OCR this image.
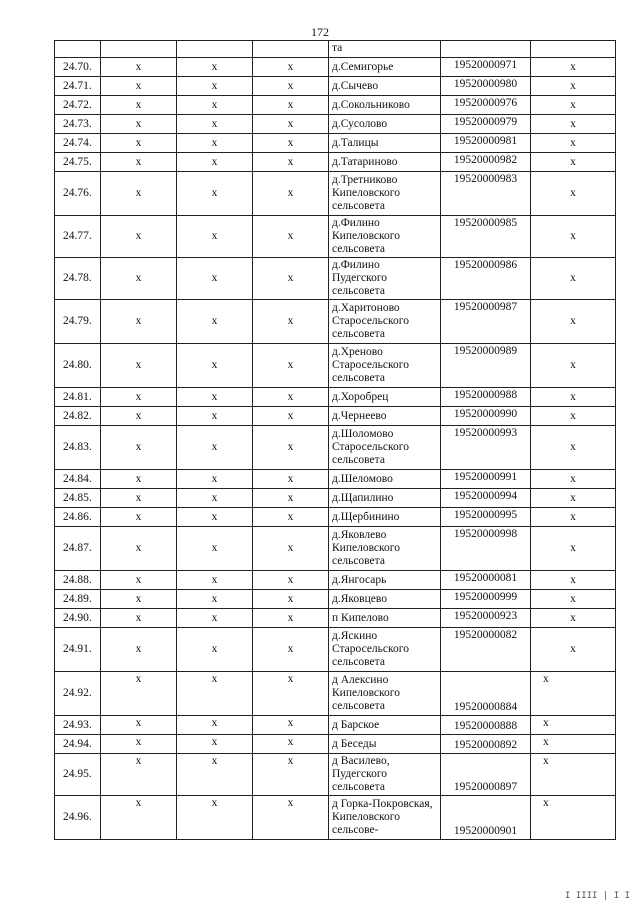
172
				та		
24.70.	х	х	х	д.Семигорье	19520000971	х
24.71.	х	х	х	д.Сычево	19520000980	х
24.72.	х	х	х	д.Сокольниково	19520000976	х
24.73.	х	х	х	д.Сусолово	19520000979	х
24.74.	х	х	х	д.Талицы	19520000981	х
24.75.	х	х	х	д.Татариново	19520000982	х
24.76.	х	х	х	д.Третниково Кипеловского сельсовета	19520000983	х
24.77.	х	х	х	д.Филино Кипеловского сельсовета	19520000985	х
24.78.	х	х	х	д.Филино Пудегского сельсовета	19520000986	х
24.79.	х	х	х	д.Харитоново Старосельского сельсовета	19520000987	х
24.80.	х	х	х	д.Хреново Старосельского сельсовета	19520000989	х
24.81.	х	х	х	д.Хоробрец	19520000988	х
24.82.	х	х	х	д.Чернеево	19520000990	х
24.83.	х	х	х	д.Шоломово Старосельского сельсовета	19520000993	х
24.84.	х	х	х	д.Шеломово	19520000991	х
24.85.	х	х	х	д.Щапилино	19520000994	х
24.86.	х	х	х	д.Щербинино	19520000995	х
24.87.	х	х	х	д.Яковлево Кипеловского сельсовета	19520000998	х
24.88.	х	х	х	д.Янгосарь	19520000081	х
24.89.	х	х	х	д.Яковцево	19520000999	х
24.90.	х	х	х	п Кипелово	19520000923	х
24.91.	х	х	х	д.Яскино Старосельского сельсовета	19520000082	х
24.92.	х	х	х	д Алексино Кипеловского сельсовета	19520000884	х
24.93.	х	х	х	д Барское	19520000888	х
24.94.	х	х	х	д Беседы	19520000892	х
24.95.	х	х	х	д Василево, Пудегского сельсовета	19520000897	х
24.96.	х	х	х	д Горка-Покровская, Кипеловского сельсове-	19520000901	х
I IIII | I I
